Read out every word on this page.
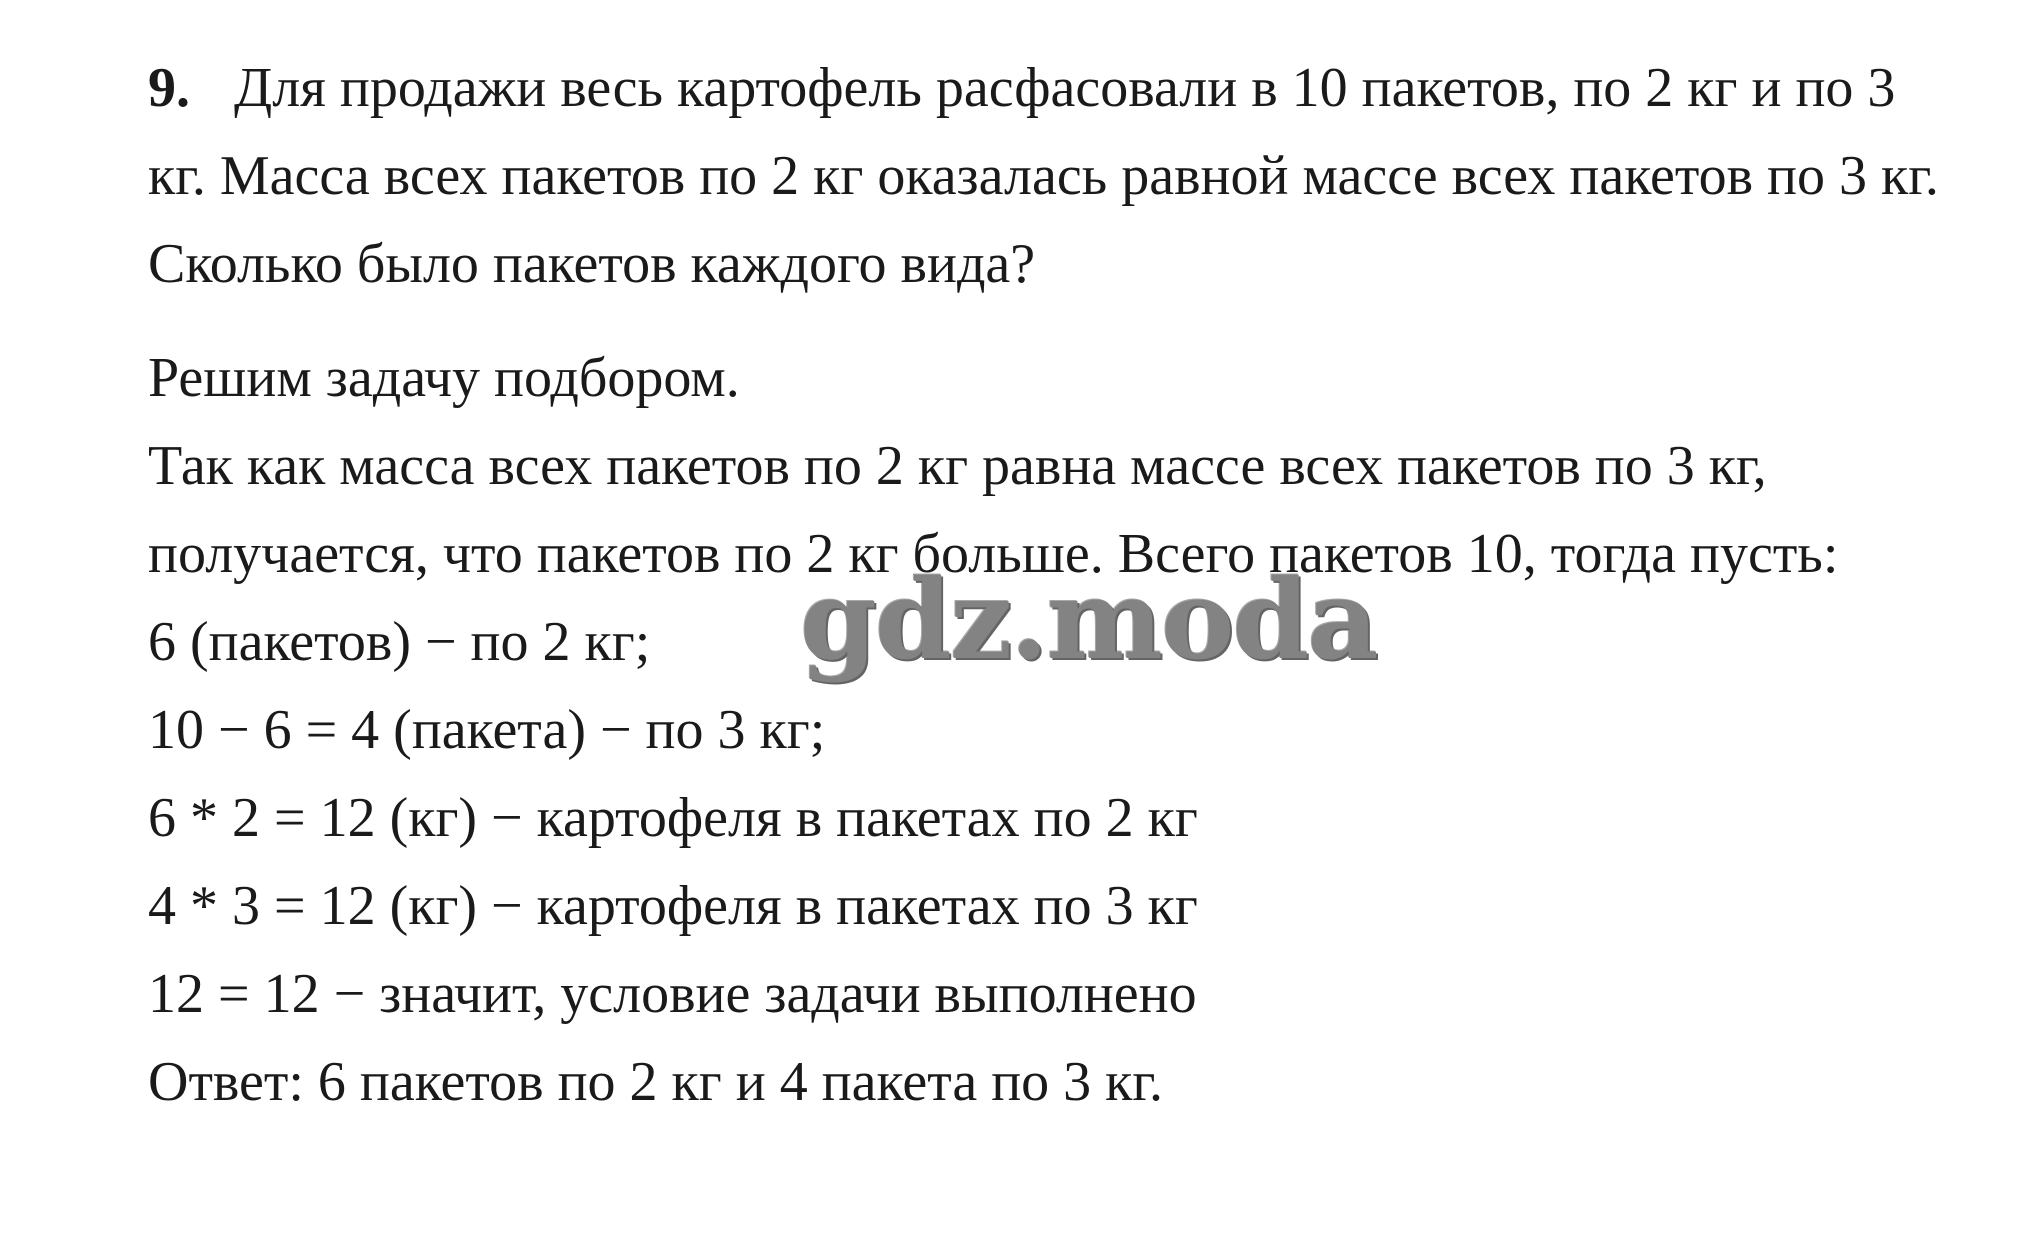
9. Для продажи весь картофель расфасовали в 10 пакетов, по 2 кг и по 3 кг. Масса всех пакетов по 2 кг оказалась равной массе всех пакетов по 3 кг. Сколько было пакетов каждого вида?
Решим задачу подбором.
Так как масса всех пакетов по 2 кг равна массе всех пакетов по 3 кг,
получается, что пакетов по 2 кг больше. Всего пакетов 10, тогда пусть:
6 (пакетов) − по 2 кг;
10 − 6 = 4 (пакета) − по 3 кг;
6 * 2 = 12 (кг) − картофеля в пакетах по 2 кг
4 * 3 = 12 (кг) − картофеля в пакетах по 3 кг
12 = 12 − значит, условие задачи выполнено
Ответ: 6 пакетов по 2 кг и 4 пакета по 3 кг.
gdz.moda
